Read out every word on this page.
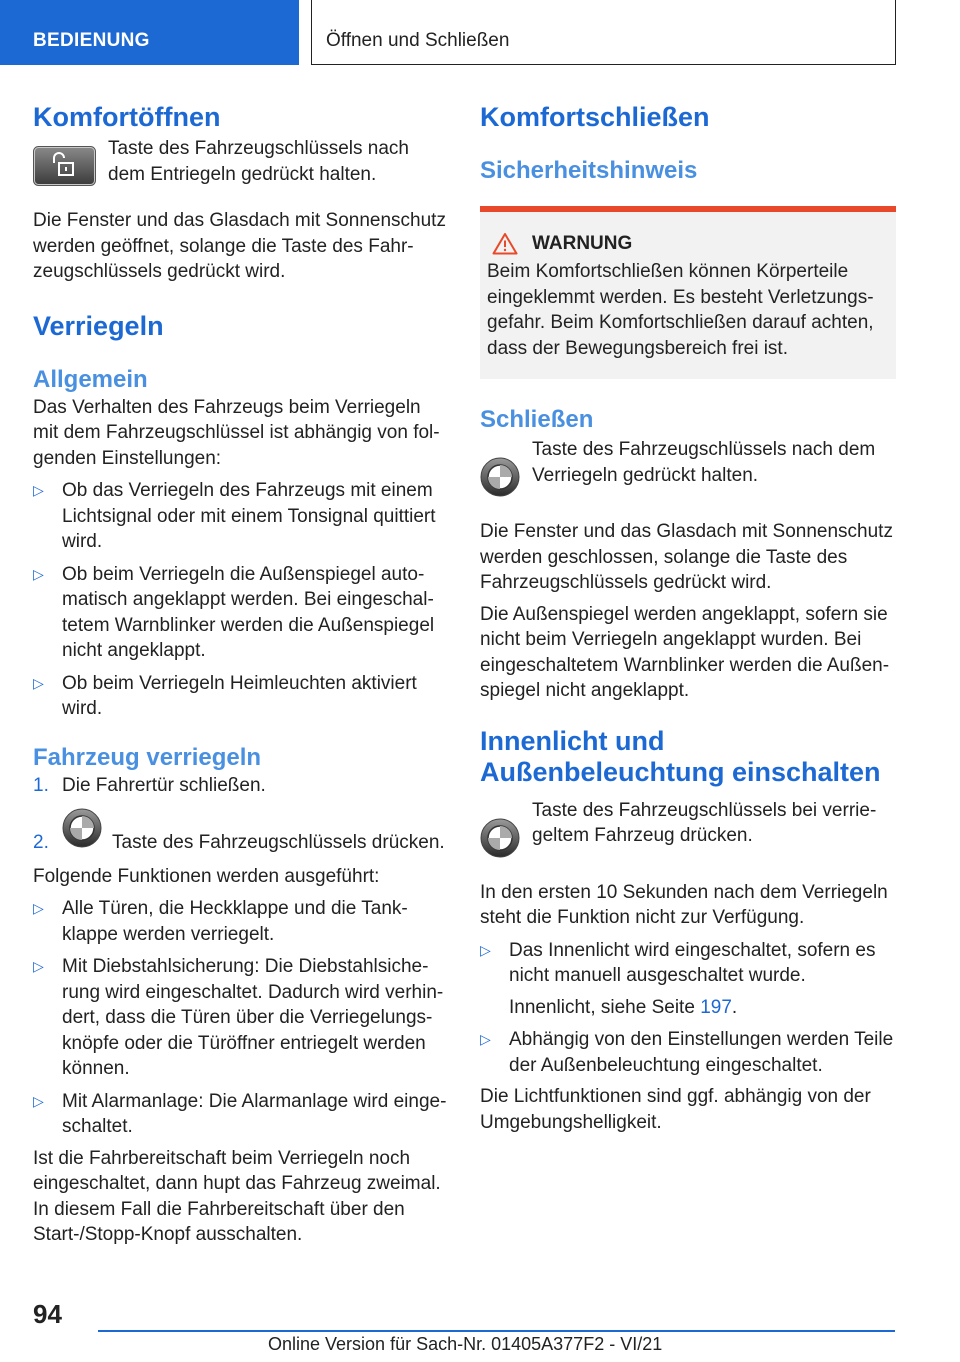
BEDIENUNG	Öffnen und Schließen
Komfortöffnen

Taste des Fahrzeugschlüssels nach dem Entriegeln gedrückt halten.

Die Fenster und das Glasdach mit Sonnenschutz werden geöffnet, solange die Taste des Fahrzeugschlüssels gedrückt wird.

Verriegeln
Allgemein

Das Verhalten des Fahrzeugs beim Verriegeln mit dem Fahrzeugschlüssel ist abhängig von folgenden Einstellungen:

▷ Ob das Verriegeln des Fahrzeugs mit einem Lichtsignal oder mit einem Tonsignal quittiert wird.
▷ Ob beim Verriegeln die Außenspiegel automatisch angeklappt werden. Bei eingeschaltetem Warnblinker werden die Außenspiegel nicht angeklappt.
▷ Ob beim Verriegeln Heimleuchten aktiviert wird.
Fahrzeug verriegeln
1. Die Fahrertür schließen.
2.	Taste des Fahrzeugschlüssels drücken.

Folgende Funktionen werden ausgeführt:

▷ Alle Türen, die Heckklappe und die Tankklappe werden verriegelt.
▷ Mit Diebstahlsicherung: Die Diebstahlsicherung wird eingeschaltet. Dadurch wird verhindert, dass die Türen über die Verriegelungsknöpfe oder die Türöffner entriegelt werden können.
▷ Mit Alarmanlage: Die Alarmanlage wird eingeschaltet.

Ist die Fahrbereitschaft beim Verriegeln noch eingeschaltet, dann hupt das Fahrzeug zweimal. In diesem Fall die Fahrbereitschaft über den Start-/Stopp-Knopf ausschalten.

Komfortschließen
Sicherheitshinweis
WARNUNG

Beim Komfortschließen können Körperteile eingeklemmt werden. Es besteht Verletzungsgefahr. Beim Komfortschließen darauf achten, dass der Bewegungsbereich frei ist.

Schließen

Taste des Fahrzeugschlüssels nach dem Verriegeln gedrückt halten.

Die Fenster und das Glasdach mit Sonnenschutz werden geschlossen, solange die Taste des Fahrzeugschlüssels gedrückt wird.

Die Außenspiegel werden angeklappt, sofern sie nicht beim Verriegeln angeklappt wurden. Bei eingeschaltetem Warnblinker werden die Außenspiegel nicht angeklappt.

Innenlicht und Außenbeleuchtung einschalten

Taste des Fahrzeugschlüssels bei verriegeltem Fahrzeug drücken.

In den ersten 10 Sekunden nach dem Verriegeln steht die Funktion nicht zur Verfügung.

▷ Das Innenlicht wird eingeschaltet, sofern es nicht manuell ausgeschaltet wurde.
Innenlicht, siehe Seite 197.
▷ Abhängig von den Einstellungen werden Teile der Außenbeleuchtung eingeschaltet.

Die Lichtfunktionen sind ggf. abhängig von der Umgebungshelligkeit.

94
Online Version für Sach-Nr. 01405A377F2 - VI/21
